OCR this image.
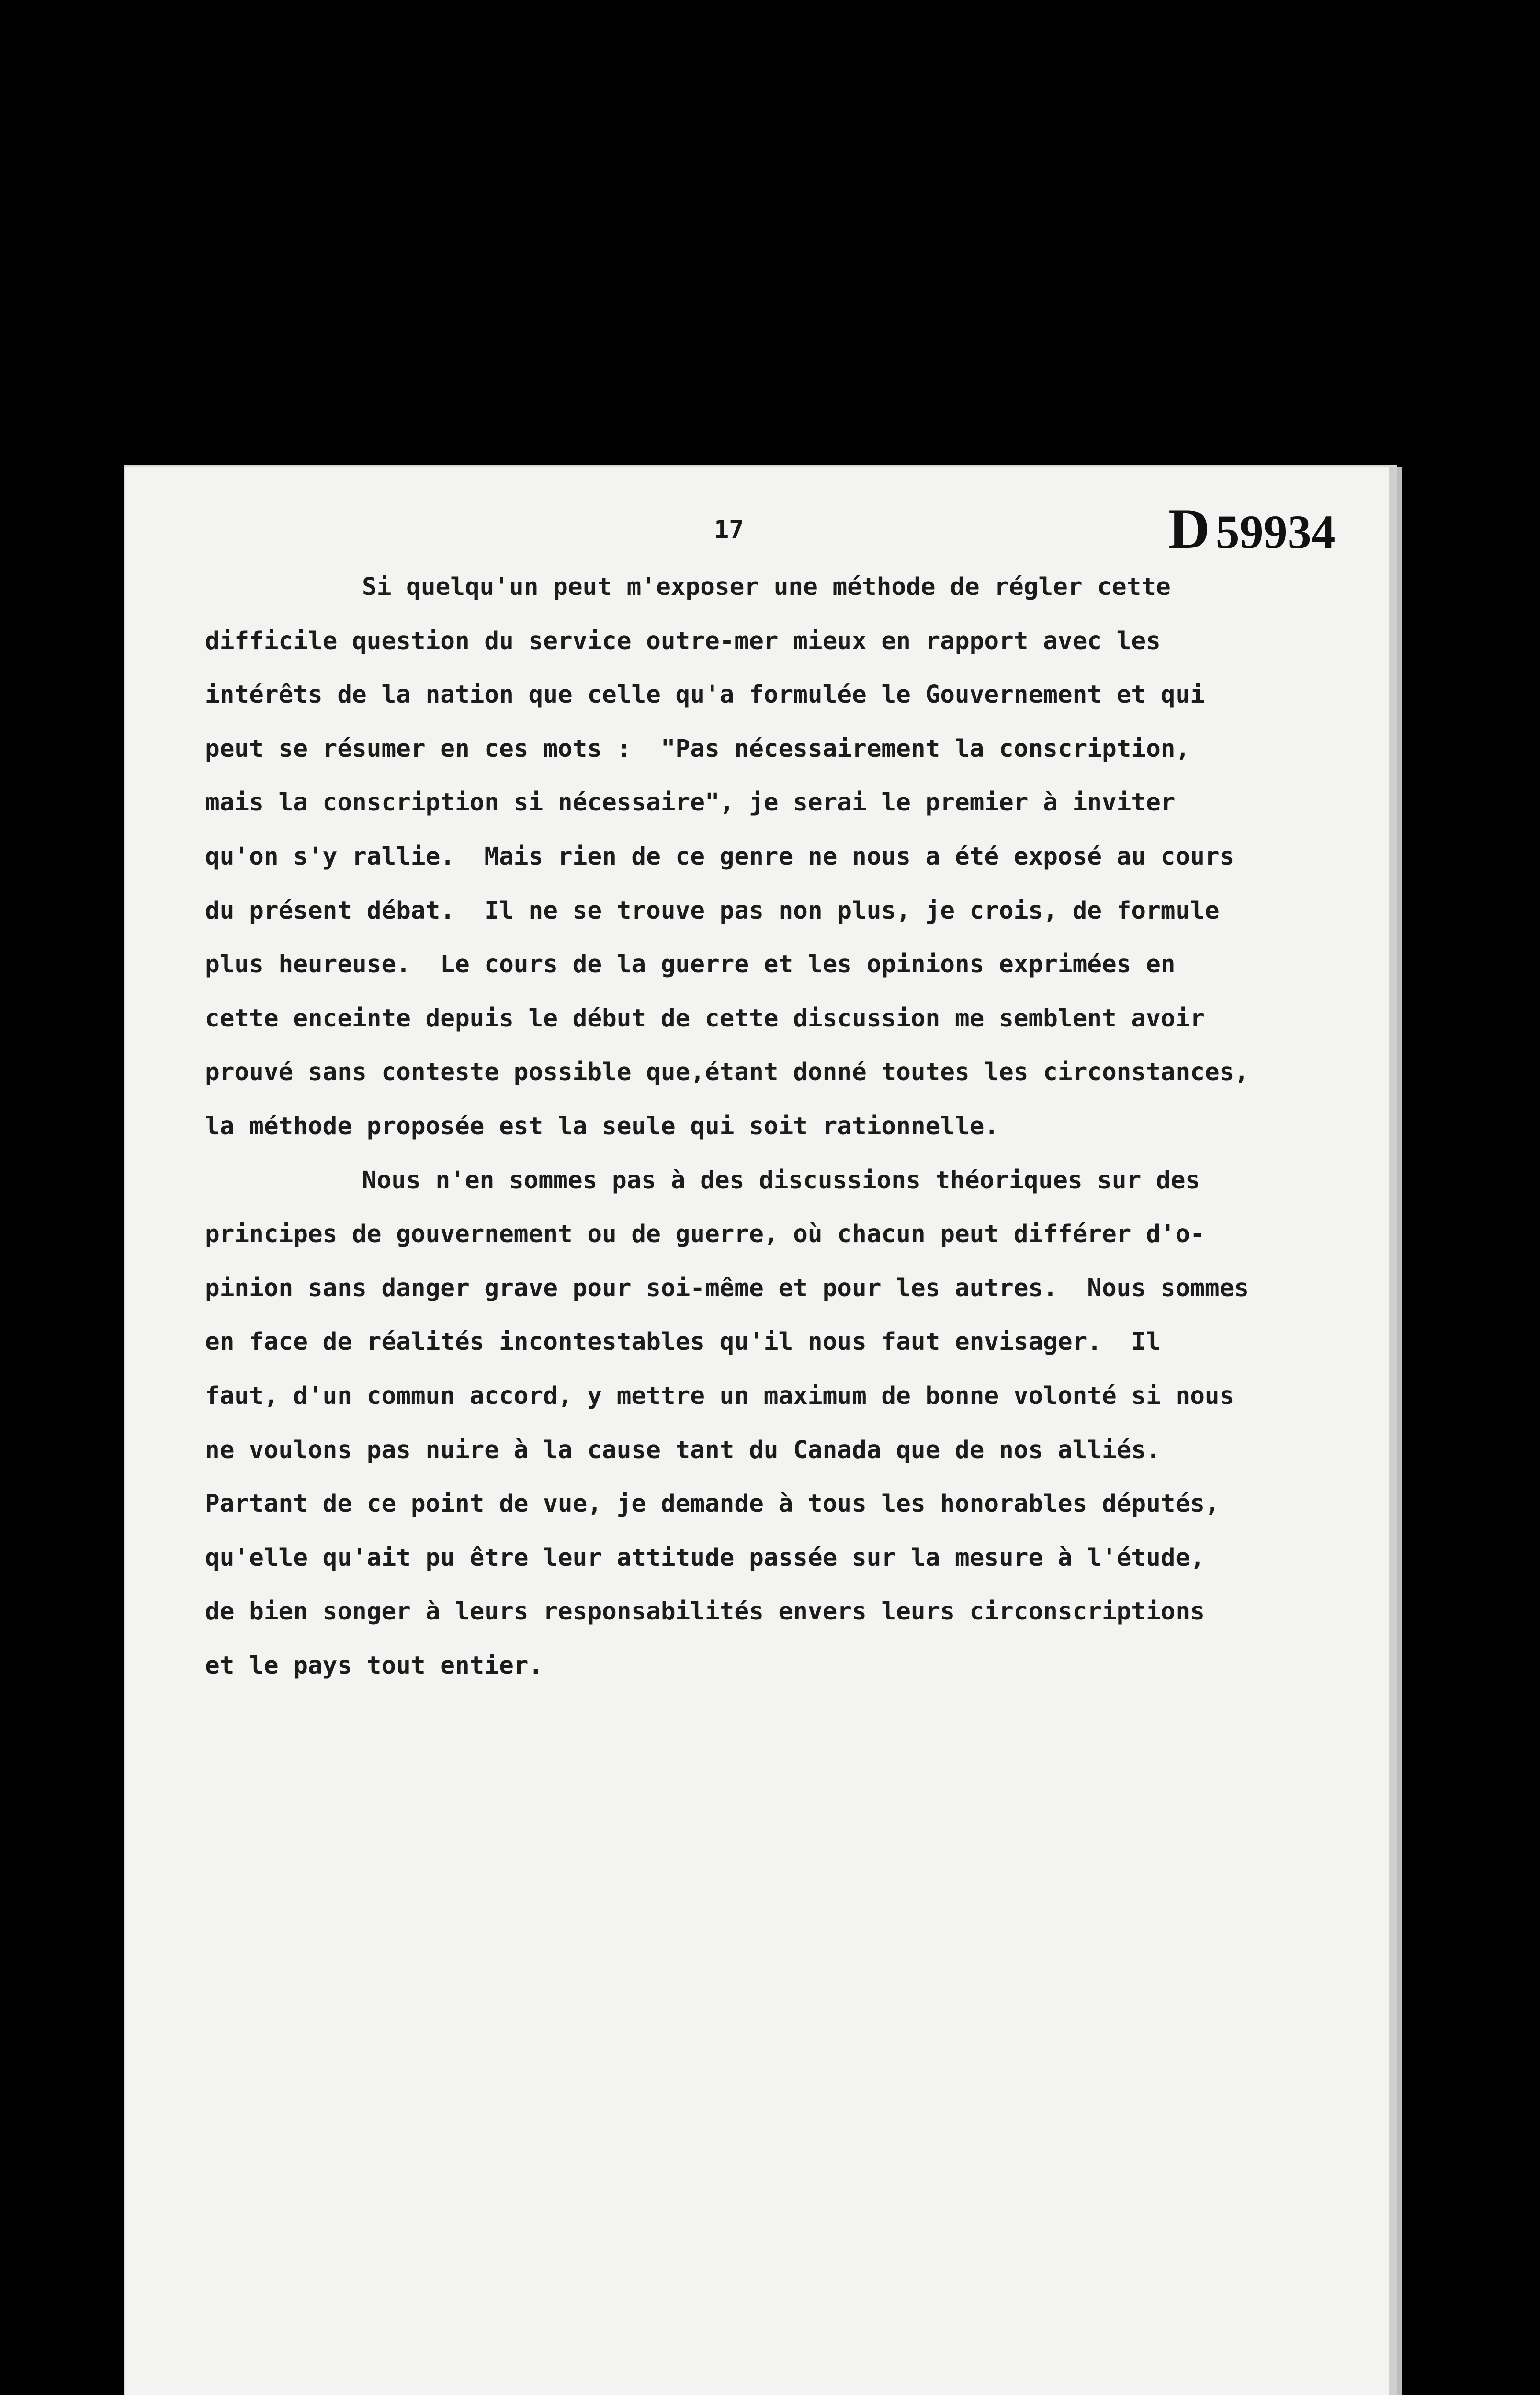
17	D 59934
Si quelqu'un peut m'exposer une méthode de régler cette
difficile question du service outre-mer mieux en rapport avec les
intérêts de la nation que celle qu'a formulée le Gouvernement et qui
peut se résumer en ces mots :  "Pas nécessairement la conscription,
mais la conscription si nécessaire", je serai le premier à inviter
qu'on s'y rallie.  Mais rien de ce genre ne nous a été exposé au cours
du présent débat.  Il ne se trouve pas non plus, je crois, de formule
plus heureuse.  Le cours de la guerre et les opinions exprimées en
cette enceinte depuis le début de cette discussion me semblent avoir
prouvé sans conteste possible que,étant donné toutes les circonstances,
la méthode proposée est la seule qui soit rationnelle.
Nous n'en sommes pas à des discussions théoriques sur des
principes de gouvernement ou de guerre, où chacun peut différer d'o-
pinion sans danger grave pour soi-même et pour les autres.  Nous sommes
en face de réalités incontestables qu'il nous faut envisager.  Il
faut, d'un commun accord, y mettre un maximum de bonne volonté si nous
ne voulons pas nuire à la cause tant du Canada que de nos alliés.
Partant de ce point de vue, je demande à tous les honorables députés,
qu'elle qu'ait pu être leur attitude passée sur la mesure à l'étude,
de bien songer à leurs responsabilités envers leurs circonscriptions
et le pays tout entier.
